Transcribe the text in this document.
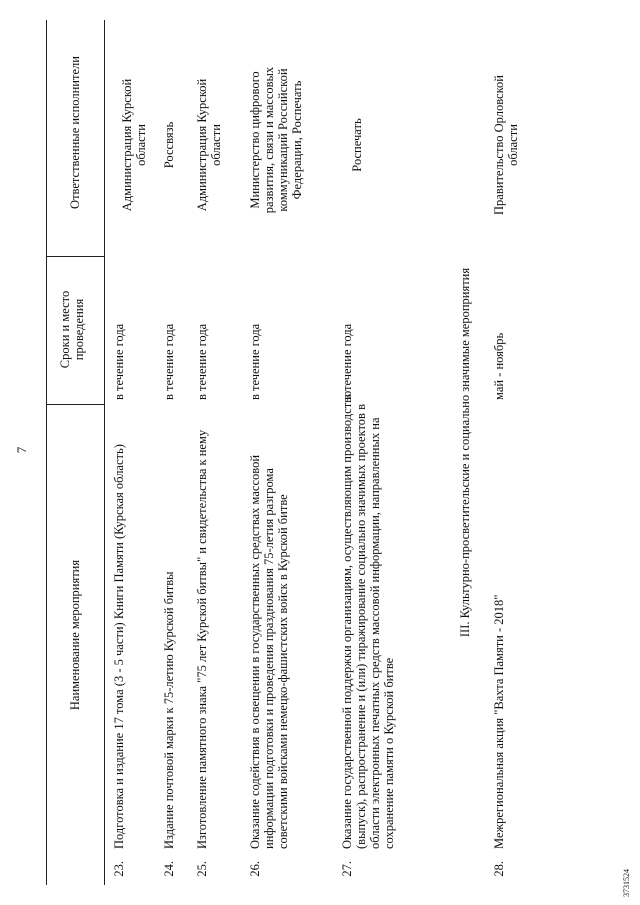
7
Наименование мероприятия
Сроки и место проведения
Ответственные исполнители
23.
Подготовка и издание 17 тома (3 - 5 части) Книги Памяти (Курская область)
в течение года
Администрация Курской области
24.
Издание почтовой марки к 75-летию Курской битвы
в течение года
Россвязь
25.
Изготовление памятного знака "75 лет Курской битвы" и свидетельства к нему
в течение года
Администрация Курской области
26.
Оказание содействия в освещении в государственных средствах массовой информации подготовки и проведения празднования 75-летия разгрома советскими войсками немецко-фашистских войск в Курской битве
в течение года
Министерство цифрового развития, связи и массовых коммуникаций Российской Федерации, Роспечать
27.
Оказание государственной поддержки организациям, осуществляющим производство (выпуск), распространение и (или) тиражирование социально значимых проектов в области электронных печатных средств массовой информации, направленных на сохранение памяти о Курской битве
в течение года
Роспечать
III. Культурно-просветительские и социально значимые мероприятия
28.
Межрегиональная акция "Вахта Памяти - 2018"
май - ноябрь
Правительство Орловской области
3731524
